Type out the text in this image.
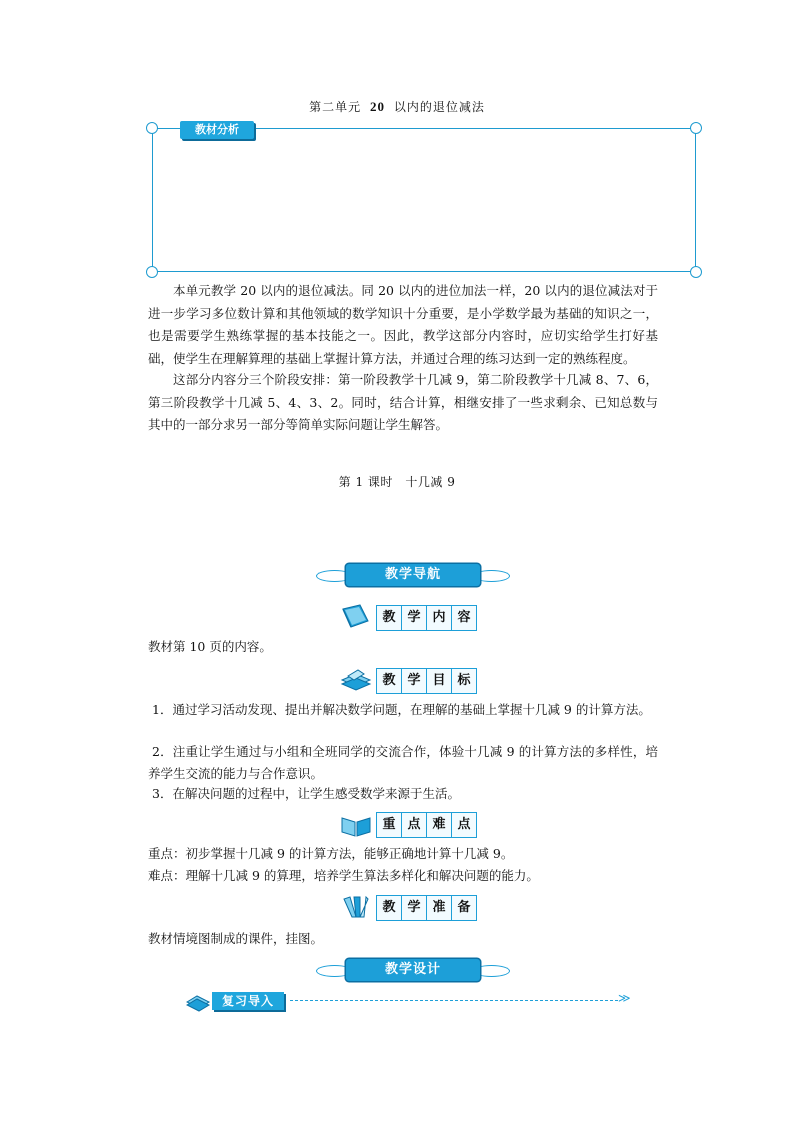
第二单元 20 以内的退位减法
教材分析
本单元教学 20 以内的退位减法。同 20 以内的进位加法一样，20 以内的退位减法对于进一步学习多位数计算和其他领域的数学知识十分重要，是小学数学最为基础的知识之一，也是需要学生熟练掌握的基本技能之一。因此，教学这部分内容时，应切实给学生打好基础，使学生在理解算理的基础上掌握计算方法，并通过合理的练习达到一定的熟练程度。
这部分内容分三个阶段安排：第一阶段教学十几减 9，第二阶段教学十几减 8、7、6，第三阶段教学十几减 5、4、3、2。同时，结合计算，相继安排了一些求剩余、已知总数与其中的一部分求另一部分等简单实际问题让学生解答。
第 1 课时　十几减 9
教学导航
教 学 内 容
教材第 10 页的内容。
教 学 目 标
1．通过学习活动发现、提出并解决数学问题，在理解的基础上掌握十几减 9 的计算方法。
2．注重让学生通过与小组和全班同学的交流合作，体验十几减 9 的计算方法的多样性，培养学生交流的能力与合作意识。
3．在解决问题的过程中，让学生感受数学来源于生活。
重 点 难 点
重点：初步掌握十几减 9 的计算方法，能够正确地计算十几减 9。
难点：理解十几减 9 的算理，培养学生算法多样化和解决问题的能力。
教 学 准 备
教材情境图制成的课件，挂图。
教学设计
复习导入	≫
